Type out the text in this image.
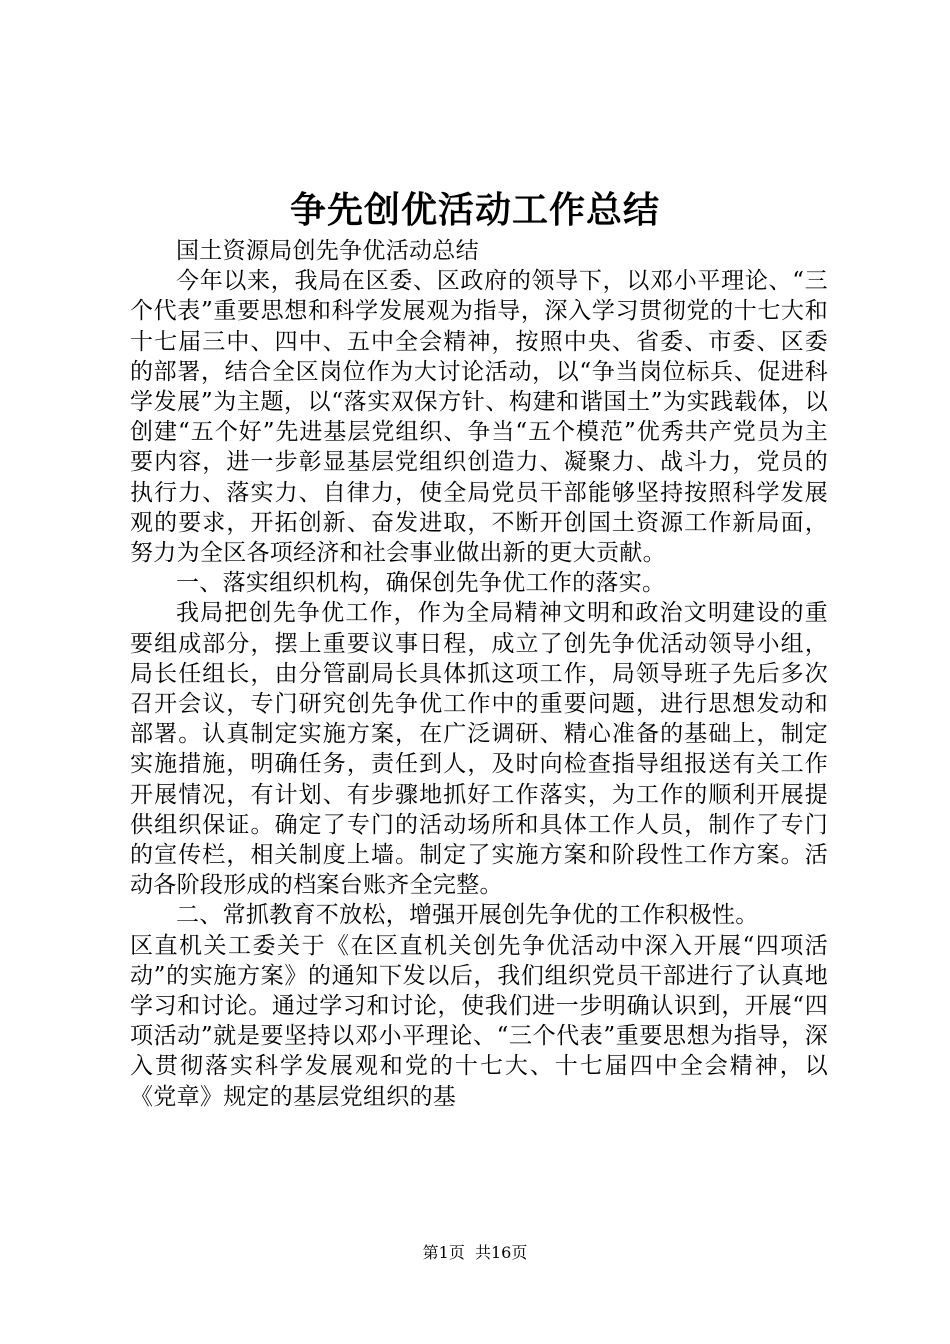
争先创优活动工作总结

国土资源局创先争优活动总结

今年以来，我局在区委、区政府的领导下，以邓小平理论、“三个代表”重要思想和科学发展观为指导，深入学习贯彻党的十七大和十七届三中、四中、五中全会精神，按照中央、省委、市委、区委的部署，结合全区岗位作为大讨论活动，以“争当岗位标兵、促进科学发展”为主题，以“落实双保方针、构建和谐国土”为实践载体，以创建“五个好”先进基层党组织、争当“五个模范”优秀共产党员为主要内容，进一步彰显基层党组织创造力、凝聚力、战斗力，党员的执行力、落实力、自律力，使全局党员干部能够坚持按照科学发展观的要求，开拓创新、奋发进取，不断开创国土资源工作新局面，努力为全区各项经济和社会事业做出新的更大贡献。

一、落实组织机构，确保创先争优工作的落实。

我局把创先争优工作，作为全局精神文明和政治文明建设的重要组成部分，摆上重要议事日程，成立了创先争优活动领导小组，局长任组长，由分管副局长具体抓这项工作，局领导班子先后多次召开会议，专门研究创先争优工作中的重要问题，进行思想发动和部署。认真制定实施方案，在广泛调研、精心准备的基础上，制定实施措施，明确任务，责任到人，及时向检查指导组报送有关工作开展情况，有计划、有步骤地抓好工作落实，为工作的顺利开展提供组织保证。确定了专门的活动场所和具体工作人员，制作了专门的宣传栏，相关制度上墙。制定了实施方案和阶段性工作方案。活动各阶段形成的档案台账齐全完整。

二、常抓教育不放松，增强开展创先争优的工作积极性。

区直机关工委关于《在区直机关创先争优活动中深入开展“四项活动”的实施方案》的通知下发以后，我们组织党员干部进行了认真地学习和讨论。通过学习和讨论，使我们进一步明确认识到，开展“四项活动”就是要坚持以邓小平理论、“三个代表”重要思想为指导，深入贯彻落实科学发展观和党的十七大、十七届四中全会精神，以《党章》规定的基层党组织的基

第1页  共16页
